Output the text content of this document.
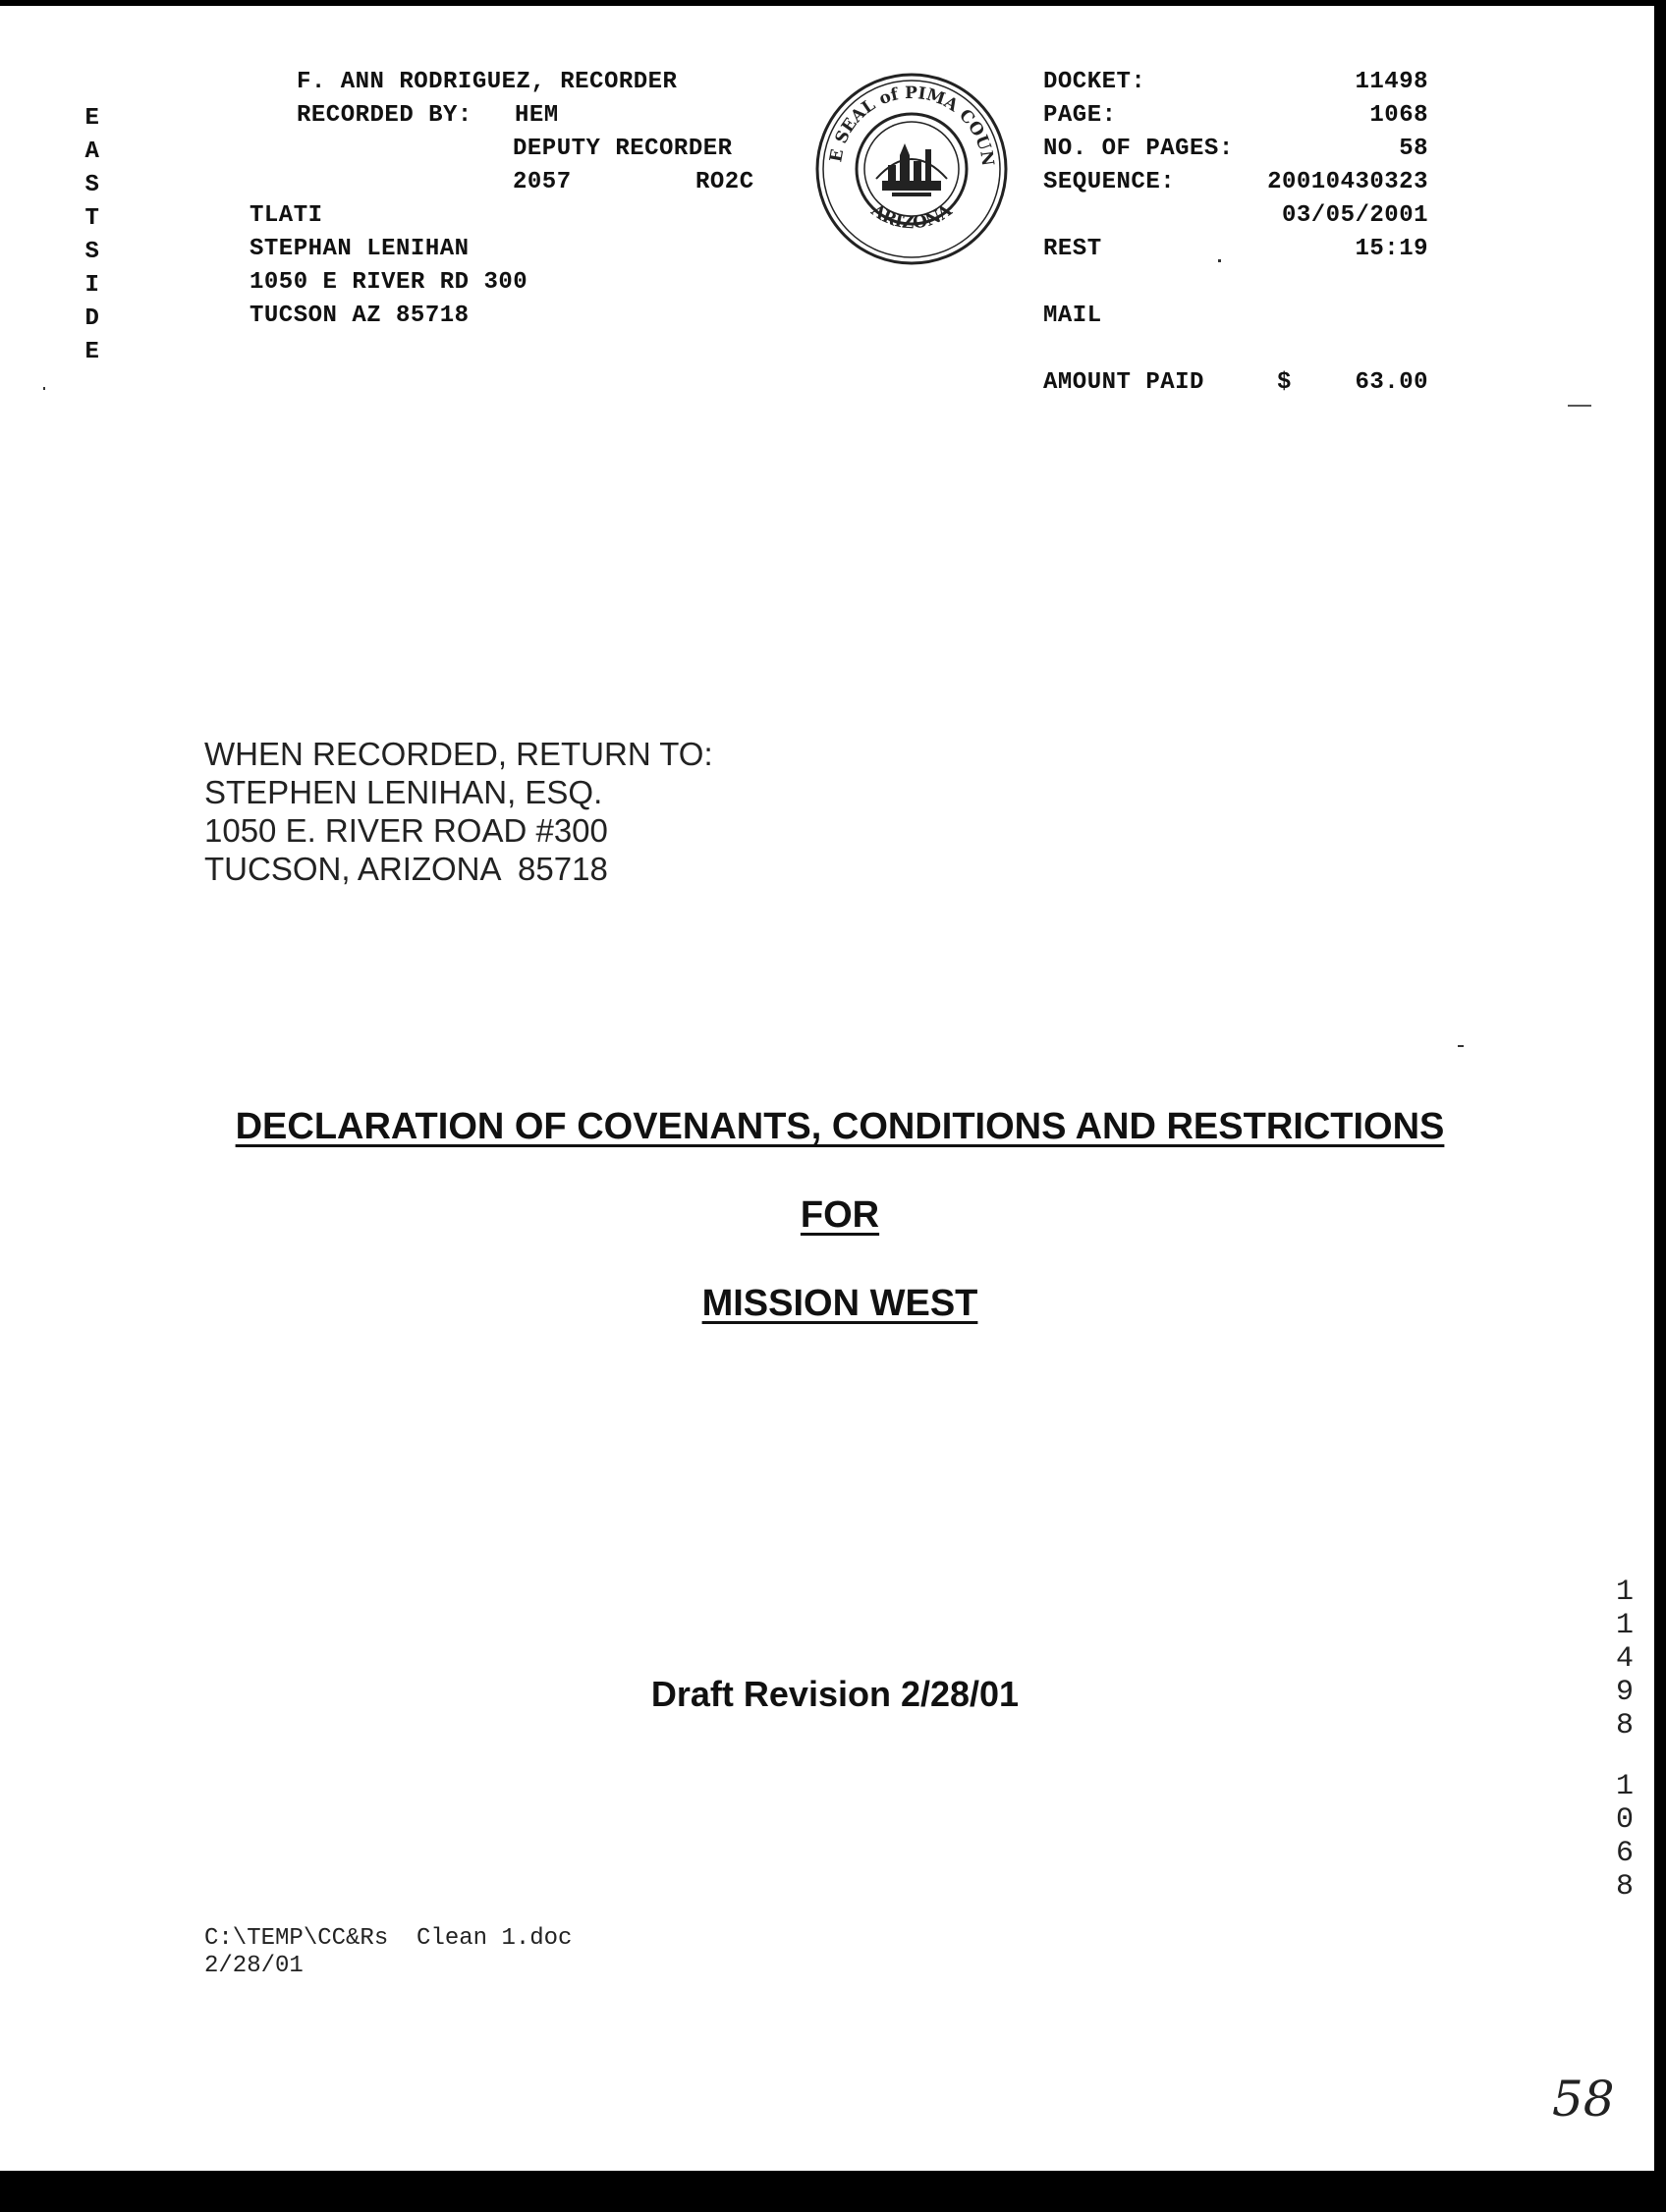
E
A
S
T
S
I
D
E
F. ANN RODRIGUEZ, RECORDER
RECORDED BY: HEM
DEPUTY RECORDER
2057	RO2C
TLATI
STEPHAN LENIHAN
1050 E RIVER RD 300
TUCSON AZ 85718
E SEAL of PIMA COUN
ARIZONA
DOCKET:	11498
PAGE:	1068
NO. OF PAGES:	58
SEQUENCE:	20010430323
03/05/2001
REST	15:19
MAIL
AMOUNT PAID	$	63.00
WHEN RECORDED, RETURN TO:
STEPHEN LENIHAN, ESQ.
1050 E. RIVER ROAD #300
TUCSON, ARIZONA  85718
DECLARATION OF COVENANTS, CONDITIONS AND RESTRICTIONS
FOR
MISSION WEST
Draft Revision 2/28/01
C:\TEMP\CC&Rs  Clean 1.doc
2/28/01
1
1
4
9
8
1
0
6
8
58
